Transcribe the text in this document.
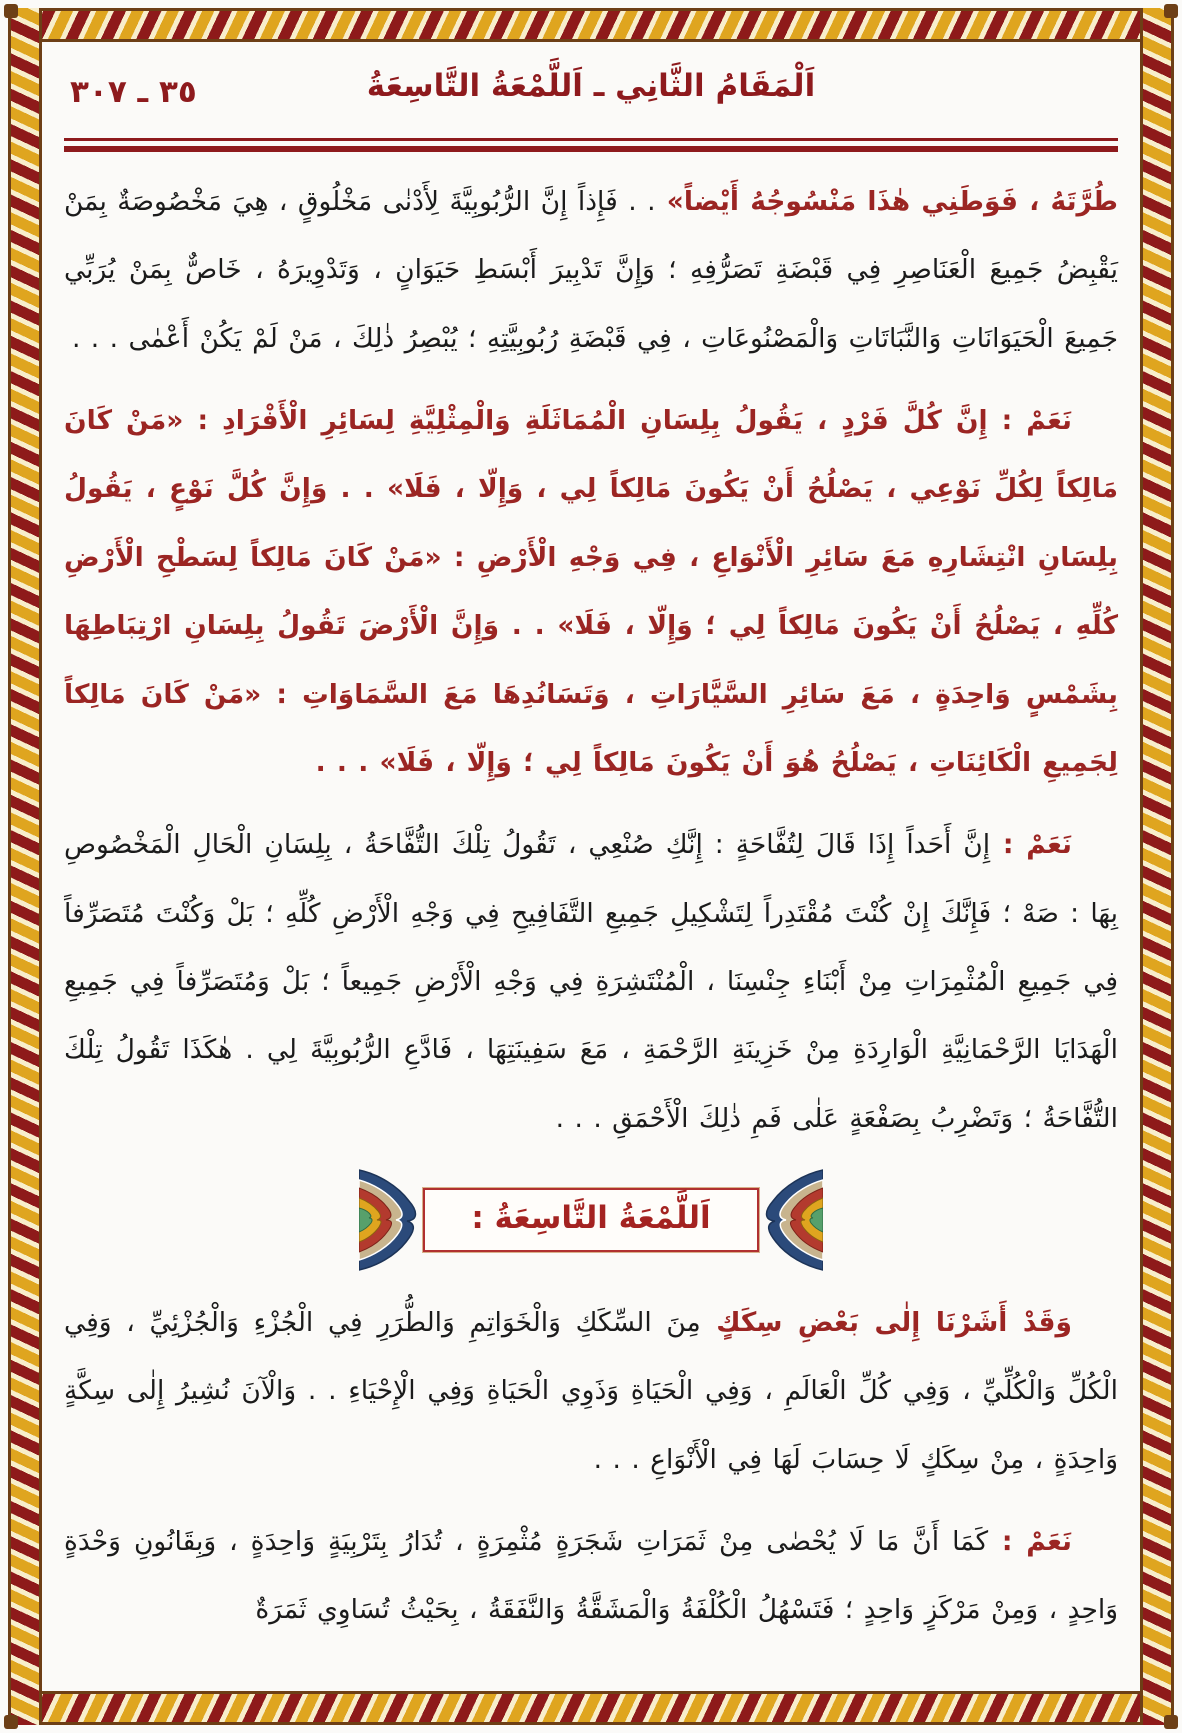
٣٥ ـ ٣٠٧	اَلْمَقَامُ الثَّانِي ـ اَللَّمْعَةُ التَّاسِعَةُ

طُرَّتَهُ ، فَوَطَنِي هٰذَا مَنْسُوجُهُ أَيْضاً» . . فَإِذاً إِنَّ الرُّبُوبِيَّةَ لِأَدْنٰى مَخْلُوقٍ ، هِيَ مَخْصُوصَةٌ بِمَنْ يَقْبِضُ جَمِيعَ الْعَنَاصِرِ فِي قَبْضَةِ تَصَرُّفِهِ ؛ وَإِنَّ تَدْبِيرَ أَبْسَطِ حَيَوَانٍ ، وَتَدْوِيرَهُ ، خَاصٌّ بِمَنْ يُرَبِّي جَمِيعَ الْحَيَوَانَاتِ وَالنَّبَاتَاتِ وَالْمَصْنُوعَاتِ ، فِي قَبْضَةِ رُبُوبِيَّتِهِ ؛ يُبْصِرُ ذٰلِكَ ، مَنْ لَمْ يَكُنْ أَعْمٰى . . .

نَعَمْ : إِنَّ كُلَّ فَرْدٍ ، يَقُولُ بِلِسَانِ الْمُمَاثَلَةِ وَالْمِثْلِيَّةِ لِسَائِرِ الْأَفْرَادِ : «مَنْ كَانَ مَالِكاً لِكُلِّ نَوْعِي ، يَصْلُحُ أَنْ يَكُونَ مَالِكاً لِي ، وَإِلّا ، فَلَا» . . وَإِنَّ كُلَّ نَوْعٍ ، يَقُولُ بِلِسَانِ انْتِشَارِهِ مَعَ سَائِرِ الْأَنْوَاعِ ، فِي وَجْهِ الْأَرْضِ : «مَنْ كَانَ مَالِكاً لِسَطْحِ الْأَرْضِ كُلِّهِ ، يَصْلُحُ أَنْ يَكُونَ مَالِكاً لِي ؛ وَإِلّا ، فَلَا» . . وَإِنَّ الْأَرْضَ تَقُولُ بِلِسَانِ ارْتِبَاطِهَا بِشَمْسٍ وَاحِدَةٍ ، مَعَ سَائِرِ السَّيَّارَاتِ ، وَتَسَانُدِهَا مَعَ السَّمَاوَاتِ : «مَنْ كَانَ مَالِكاً لِجَمِيعِ الْكَائِنَاتِ ، يَصْلُحُ هُوَ أَنْ يَكُونَ مَالِكاً لِي ؛ وَإِلّا ، فَلَا» . . .

نَعَمْ : إِنَّ أَحَداً إِذَا قَالَ لِتُفَّاحَةٍ : إِنَّكِ صُنْعِي ، تَقُولُ تِلْكَ التُّفَّاحَةُ ، بِلِسَانِ الْحَالِ الْمَخْصُوصِ بِهَا : صَهْ ؛ فَإِنَّكَ إِنْ كُنْتَ مُقْتَدِراً لِتَشْكِيلِ جَمِيعِ التَّفَافِيحِ فِي وَجْهِ الْأَرْضِ كُلِّهِ ؛ بَلْ وَكُنْتَ مُتَصَرِّفاً فِي جَمِيعِ الْمُثْمِرَاتِ مِنْ أَبْنَاءِ جِنْسِنَا ، الْمُنْتَشِرَةِ فِي وَجْهِ الْأَرْضِ جَمِيعاً ؛ بَلْ وَمُتَصَرِّفاً فِي جَمِيعِ الْهَدَايَا الرَّحْمَانِيَّةِ الْوَارِدَةِ مِنْ خَزِينَةِ الرَّحْمَةِ ، مَعَ سَفِينَتِهَا ، فَادَّعِ الرُّبُوبِيَّةَ لِي . هٰكَذَا تَقُولُ تِلْكَ التُّفَّاحَةُ ؛ وَتَضْرِبُ بِصَفْعَةٍ عَلٰى فَمِ ذٰلِكَ الْأَحْمَقِ . . .

اَللَّمْعَةُ التَّاسِعَةُ :

وَقَدْ أَشَرْنَا إِلٰى بَعْضِ سِكَكٍ مِنَ السِّكَكِ وَالْخَوَاتِمِ وَالطُّرَرِ فِي الْجُزْءِ وَالْجُزْئِيِّ ، وَفِي الْكُلِّ وَالْكُلِّيِّ ، وَفِي كُلِّ الْعَالَمِ ، وَفِي الْحَيَاةِ وَذَوِي الْحَيَاةِ وَفِي الْإِحْيَاءِ . . وَالْآنَ نُشِيرُ إِلٰى سِكَّةٍ وَاحِدَةٍ ، مِنْ سِكَكٍ لَا حِسَابَ لَهَا فِي الْأَنْوَاعِ . . .

نَعَمْ : كَمَا أَنَّ مَا لَا يُحْصٰى مِنْ ثَمَرَاتِ شَجَرَةٍ مُثْمِرَةٍ ، تُدَارُ بِتَرْبِيَةٍ وَاحِدَةٍ ، وَبِقَانُونِ وَحْدَةٍ وَاحِدٍ ، وَمِنْ مَرْكَزٍ وَاحِدٍ ؛ فَتَسْهُلُ الْكُلْفَةُ وَالْمَشَقَّةُ وَالنَّفَقَةُ ، بِحَيْثُ تُسَاوِي ثَمَرَةٌ
